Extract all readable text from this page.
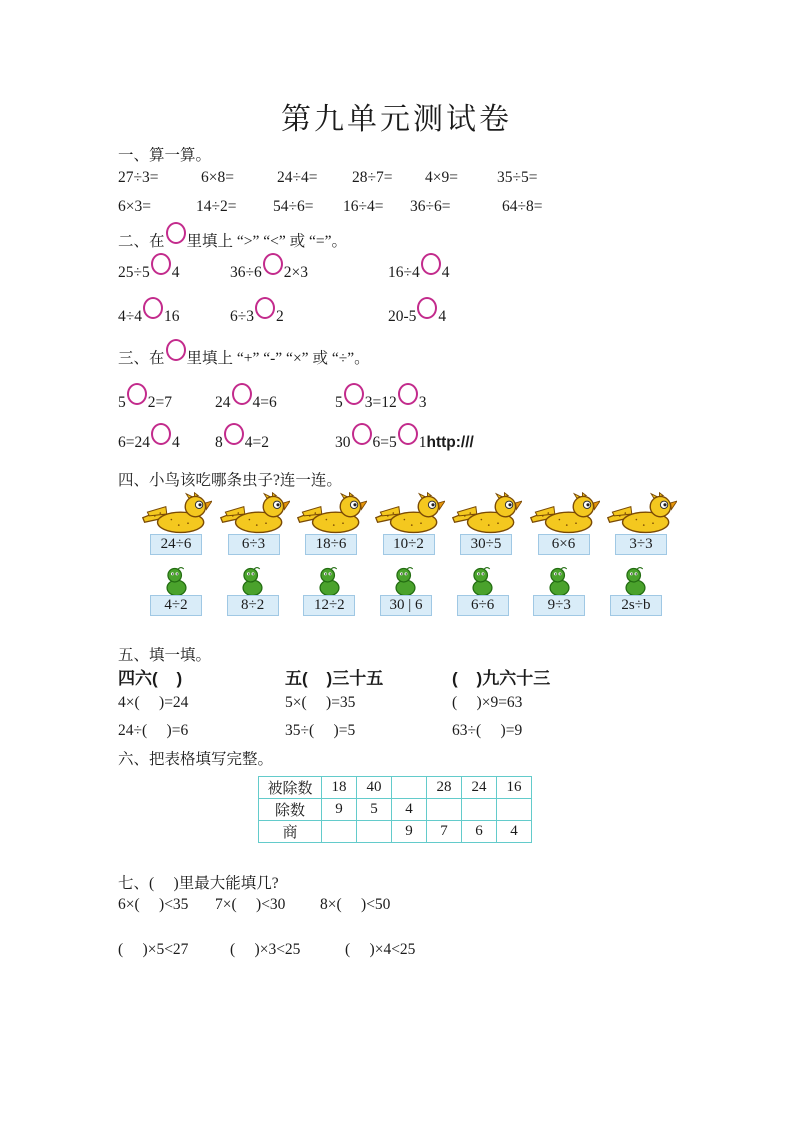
第九单元测试卷
一、算一算。
27÷3=	6×8=	24÷4=	28÷7=	4×9=	35÷5=
6×3=	14÷2=	54÷6=	16÷4=	36÷6=	64÷8=
二、在 里填上 “>” “<” 或 “=”。
25÷5 4	36÷6 2×3	16÷4 4
4÷4 16	6÷3 2	20-5 4
三、在 里填上 “+” “-” “×” 或 “÷”。
5 2=7	24 4=6	5 3=12 3
6=24 4	8 4=2	30 6=5 1http:///
四、小鸟该吃哪条虫子?连一连。
24÷6	6÷3	18÷6	10÷2	30÷5	6×6	3÷3
4÷2	8÷2	12÷2	30 | 6	6÷6	9÷3	2s÷b
五、填一填。
四六(    )	五(    )三十五	(    )九六十三
4×(     )=24	5×(     )=35	(     )×9=63
24÷(     )=6	35÷(     )=5	63÷(     )=9
六、把表格填写完整。
被除数	18	40		28	24	16
除数	9	5	4			
商			9	7	6	4
七、(     )里最大能填几?
6×(     )<35	7×(     )<30	8×(     )<50
(     )×5<27	(     )×3<25	(     )×4<25
